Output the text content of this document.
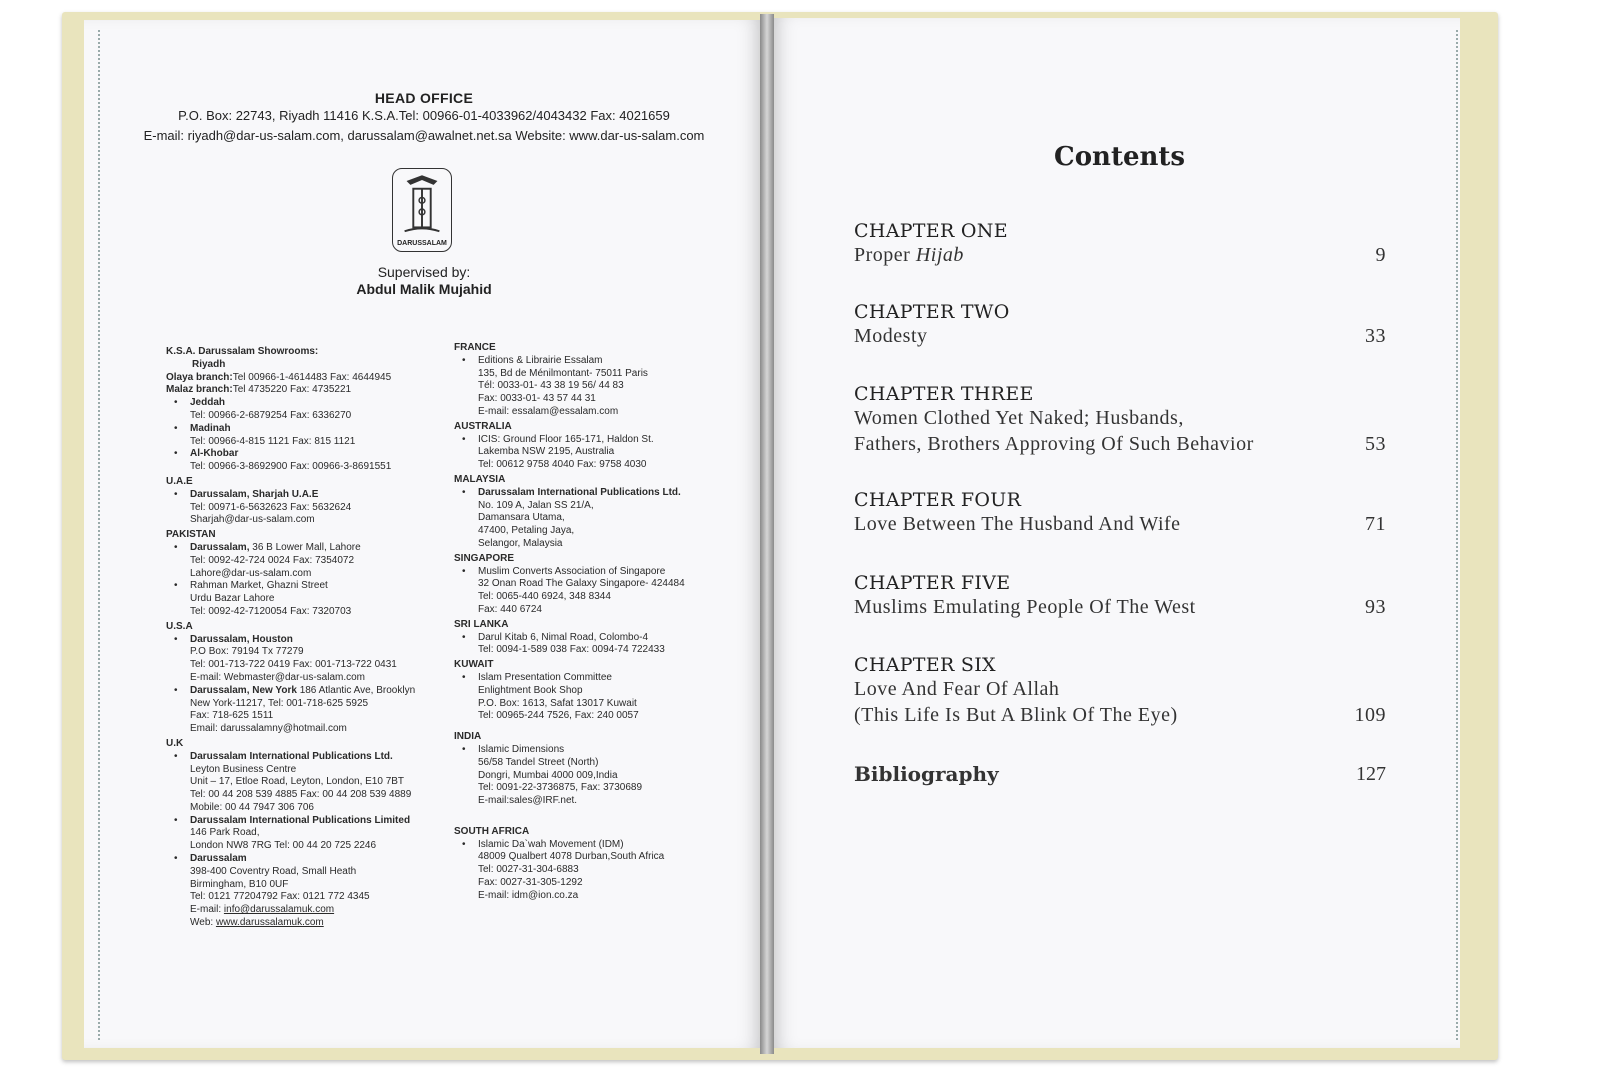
HEAD OFFICE
P.O. Box: 22743, Riyadh 11416 K.S.A.Tel: 00966-01-4033962/4043432 Fax: 4021659
E-mail: riyadh@dar-us-salam.com, darussalam@awalnet.net.sa Website: www.dar-us-salam.com
DARUSSALAM
Supervised by:
Abdul Malik Mujahid
K.S.A. Darussalam Showrooms:
Riyadh
Olaya branch:Tel 00966-1-4614483 Fax: 4644945
Malaz branch:Tel 4735220 Fax: 4735221
• Jeddah
Tel: 00966-2-6879254 Fax: 6336270
• Madinah
Tel: 00966-4-815 1121 Fax: 815 1121
• Al-Khobar
Tel: 00966-3-8692900 Fax: 00966-3-8691551
U.A.E
• Darussalam, Sharjah U.A.E
Tel: 00971-6-5632623 Fax: 5632624
Sharjah@dar-us-salam.com
PAKISTAN
• Darussalam, 36 B Lower Mall, Lahore
Tel: 0092-42-724 0024 Fax: 7354072
Lahore@dar-us-salam.com
• Rahman Market, Ghazni Street
Urdu Bazar Lahore
Tel: 0092-42-7120054 Fax: 7320703
U.S.A
• Darussalam, Houston
P.O Box: 79194 Tx 77279
Tel: 001-713-722 0419 Fax: 001-713-722 0431
E-mail: Webmaster@dar-us-salam.com
• Darussalam, New York 186 Atlantic Ave, Brooklyn
New York-11217, Tel: 001-718-625 5925
Fax: 718-625 1511
Email: darussalamny@hotmail.com
U.K
• Darussalam International Publications Ltd.
Leyton Business Centre
Unit – 17, Etloe Road, Leyton, London, E10 7BT
Tel: 00 44 208 539 4885 Fax: 00 44 208 539 4889
Mobile: 00 44 7947 306 706
• Darussalam International Publications Limited
146 Park Road,
London NW8 7RG Tel: 00 44 20 725 2246
• Darussalam
398-400 Coventry Road, Small Heath
Birmingham, B10 0UF
Tel: 0121 77204792 Fax: 0121 772 4345
E-mail: info@darussalamuk.com
Web: www.darussalamuk.com
FRANCE
• Editions & Librairie Essalam
135, Bd de Ménilmontant- 75011 Paris
Tél: 0033-01- 43 38 19 56/ 44 83
Fax: 0033-01- 43 57 44 31
E-mail: essalam@essalam.com
AUSTRALIA
• ICIS: Ground Floor 165-171, Haldon St.
Lakemba NSW 2195, Australia
Tel: 00612 9758 4040 Fax: 9758 4030
MALAYSIA
• Darussalam International Publications Ltd.
No. 109 A, Jalan SS 21/A,
Damansara Utama,
47400, Petaling Jaya,
Selangor, Malaysia
SINGAPORE
• Muslim Converts Association of Singapore
32 Onan Road The Galaxy Singapore- 424484
Tel: 0065-440 6924, 348 8344
Fax: 440 6724
SRI LANKA
• Darul Kitab 6, Nimal Road, Colombo-4
Tel: 0094-1-589 038 Fax: 0094-74 722433
KUWAIT
• Islam Presentation Committee
Enlightment Book Shop
P.O. Box: 1613, Safat 13017 Kuwait
Tel: 00965-244 7526, Fax: 240 0057
INDIA
• Islamic Dimensions
56/58 Tandel Street (North)
Dongri, Mumbai 4000 009,India
Tel: 0091-22-3736875, Fax: 3730689
E-mail:sales@IRF.net.
SOUTH AFRICA
• Islamic Da`wah Movement (IDM)
48009 Qualbert 4078 Durban,South Africa
Tel: 0027-31-304-6883
Fax: 0027-31-305-1292
E-mail: idm@ion.co.za
Contents
CHAPTER ONE
Proper Hijab	9
CHAPTER TWO
Modesty	33
CHAPTER THREE
Women Clothed Yet Naked; Husbands,
Fathers, Brothers Approving Of Such Behavior	53
CHAPTER FOUR
Love Between The Husband And Wife	71
CHAPTER FIVE
Muslims Emulating People Of The West	93
CHAPTER SIX
Love And Fear Of Allah
(This Life Is But A Blink Of The Eye)	109
Bibliography	127
